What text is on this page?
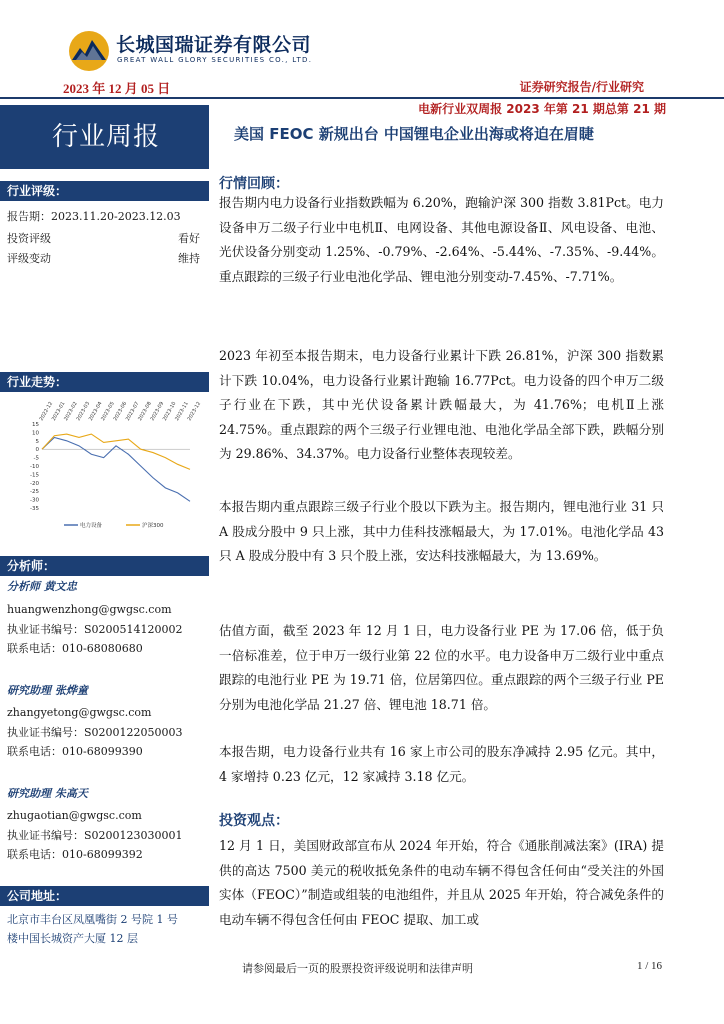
长城国瑞证券有限公司
GREAT WALL GLORY SECURITIES CO., LTD.
2023 年 12 月 05 日	证券研究报告/行业研究
电新行业双周报 2023 年第 21 期总第 21 期
行业周报	美国 FEOC 新规出台 中国锂电企业出海或将迫在眉睫
行业评级：
报告期：2023.11.20-2023.12.03
投资评级	看好
评级变动	维持
行业走势：
15
10
5
0
-5
-10
-15
-20
-25
-30
-35
2022-12
2023-01
2023-02
2023-03
2023-04
2023-05
2023-06
2023-07
2023-08
2023-09
2023-10
2023-11
2023-12
电力设备	沪深300
分析师：
分析师 黄文忠
huangwenzhong@gwgsc.com
执业证书编号：S0200514120002
联系电话：010-68080680
研究助理 张烨童
zhangyetong@gwgsc.com
执业证书编号：S0200122050003
联系电话：010-68099390
研究助理 朱高天
zhugaotian@gwgsc.com
执业证书编号：S0200123030001
联系电话：010-68099392
公司地址：
北京市丰台区凤凰嘴街 2 号院 1 号
楼中国长城资产大厦 12 层
行情回顾：
报告期内电力设备行业指数跌幅为 6.20%，跑输沪深 300 指数 3.81Pct。电力设备申万二级子行业中电机Ⅱ、电网设备、其他电源设备Ⅱ、风电设备、电池、光伏设备分别变动 1.25%、-0.79%、-2.64%、-5.44%、-7.35%、-9.44%。重点跟踪的三级子行业电池化学品、锂电池分别变动-7.45%、-7.71%。
2023 年初至本报告期末，电力设备行业累计下跌 26.81%，沪深 300 指数累计下跌 10.04%，电力设备行业累计跑输 16.77Pct。电力设备的四个申万二级子行业在下跌，其中光伏设备累计跌幅最大，为 41.76%；电机Ⅱ上涨 24.75%。重点跟踪的两个三级子行业锂电池、电池化学品全部下跌，跌幅分别为 29.86%、34.37%。电力设备行业整体表现较差。
本报告期内重点跟踪三级子行业个股以下跌为主。报告期内，锂电池行业 31 只 A 股成分股中 9 只上涨，其中力佳科技涨幅最大，为 17.01%。电池化学品 43 只 A 股成分股中有 3 只个股上涨，安达科技涨幅最大，为 13.69%。
估值方面，截至 2023 年 12 月 1 日，电力设备行业 PE 为 17.06 倍，低于负一倍标准差，位于申万一级行业第 22 位的水平。电力设备申万二级行业中重点跟踪的电池行业 PE 为 19.71 倍，位居第四位。重点跟踪的两个三级子行业 PE 分别为电池化学品 21.27 倍、锂电池 18.71 倍。
本报告期，电力设备行业共有 16 家上市公司的股东净减持 2.95 亿元。其中，4 家增持 0.23 亿元，12 家减持 3.18 亿元。
投资观点：
12 月 1 日，美国财政部宣布从 2024 年开始，符合《通胀削减法案》(IRA) 提供的高达 7500 美元的税收抵免条件的电动车辆不得包含任何由“受关注的外国实体（FEOC）”制造或组装的电池组件，并且从 2025 年开始，符合减免条件的电动车辆不得包含任何由 FEOC 提取、加工或
请参阅最后一页的股票投资评级说明和法律声明	1 / 16
